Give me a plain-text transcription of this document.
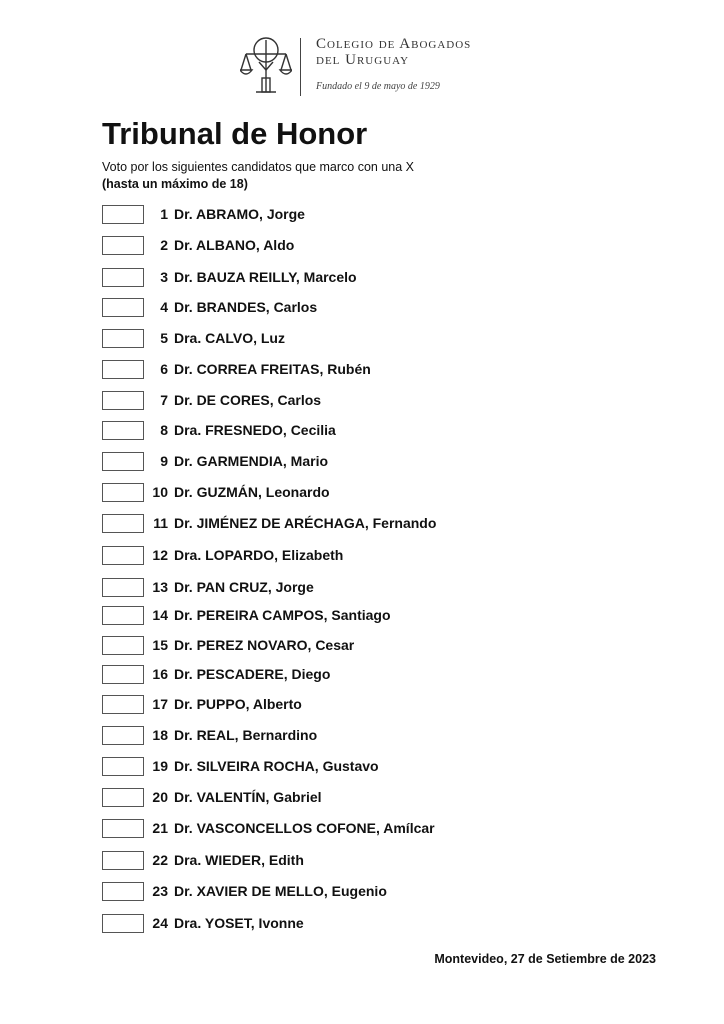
Colegio de Abogados
del Uruguay
Fundado el 9 de mayo de 1929
Tribunal de Honor
Voto por los siguientes candidatos que marco con una X
(hasta un máximo de 18)
1 Dr. ABRAMO, Jorge
2 Dr. ALBANO, Aldo
3 Dr. BAUZA REILLY, Marcelo
4 Dr. BRANDES, Carlos
5 Dra. CALVO, Luz
6 Dr. CORREA FREITAS, Rubén
7 Dr. DE CORES, Carlos
8 Dra. FRESNEDO, Cecilia
9 Dr. GARMENDIA, Mario
10 Dr. GUZMÁN, Leonardo
11 Dr. JIMÉNEZ DE ARÉCHAGA, Fernando
12 Dra. LOPARDO, Elizabeth
13 Dr. PAN CRUZ, Jorge
14 Dr. PEREIRA CAMPOS, Santiago
15 Dr. PEREZ NOVARO, Cesar
16 Dr. PESCADERE, Diego
17 Dr. PUPPO, Alberto
18 Dr. REAL, Bernardino
19 Dr. SILVEIRA ROCHA, Gustavo
20 Dr. VALENTÍN, Gabriel
21 Dr. VASCONCELLOS COFONE, Amílcar
22 Dra. WIEDER, Edith
23 Dr. XAVIER DE MELLO, Eugenio
24 Dra. YOSET, Ivonne
Montevideo, 27 de Setiembre de 2023
